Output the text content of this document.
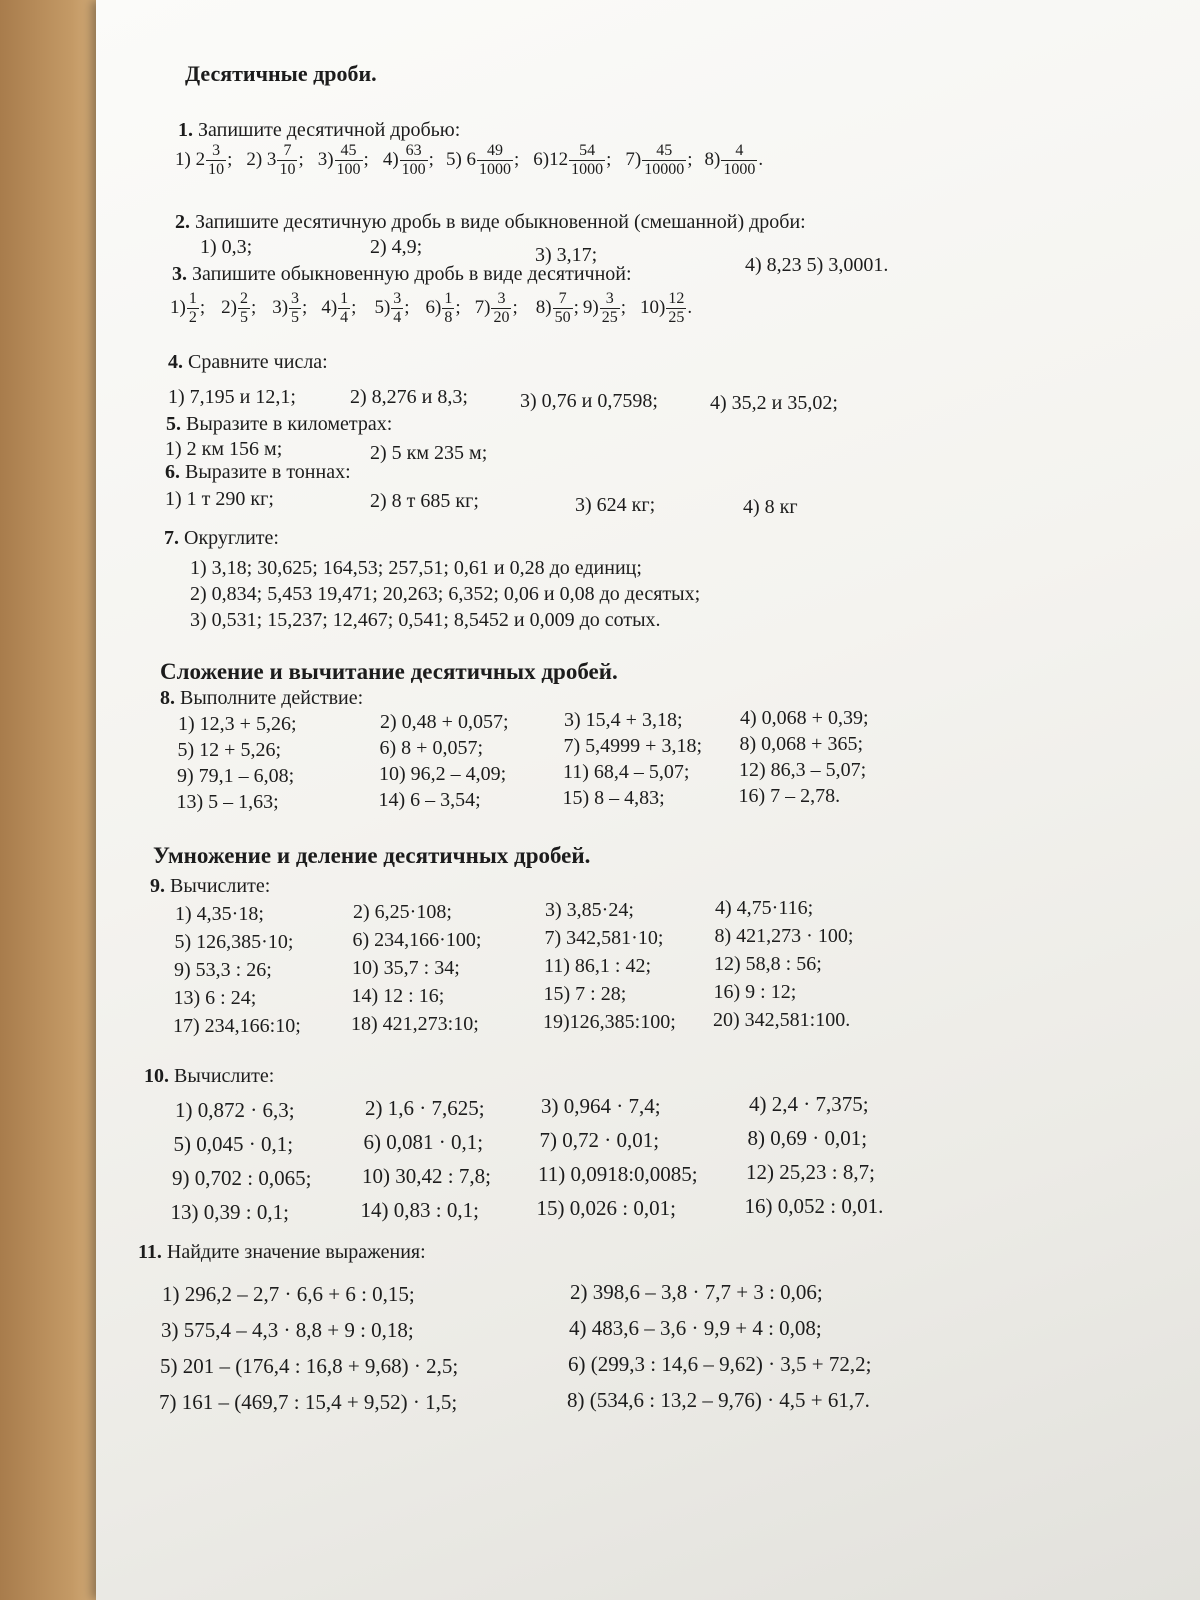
Десятичные дроби.
1. Запишите десятичной дробью:
1) $2 \frac{3}{10}$ ; 2) $3 \frac{7}{10}$ ; $3) \frac{45}{100}$ ; $4) \frac{63}{100}$ ; 5) $6 \frac{49}{1000}$ ; $6)12 \frac{54}{1000}$ ; $7) \frac{45}{10000}$ ; $8) \frac{4}{1000}$ .
2. Запишите десятичную дробь в виде обыкновенной (смешанной) дроби:
1) 0,3;	2) 4,9;	3) 3,17;	4) 8,23 5) 3,0001.
3. Запишите обыкновенную дробь в виде десятичной:
$1) \frac{1}{2}$ ; $2) \frac{2}{5}$ ; $3) \frac{3}{5}$ ; $4) \frac{1}{4}$ ; $5) \frac{3}{4}$ ; $6) \frac{1}{8}$ ; $7) \frac{3}{20}$ ; $8) \frac{7}{50}$ ; $9) \frac{3}{25}$ ; $10) \frac{12}{25}$ .
4. Сравните числа:
1) 7,195 и 12,1;	2) 8,276 и 8,3;	3) 0,76 и 0,7598;	4) 35,2 и 35,02;
5. Выразите в километрах:
1) 2 км 156 м;	2) 5 км 235 м;
6. Выразите в тоннах:
1) 1 т 290 кг;	2) 8 т 685 кг;	3) 624 кг;	4) 8 кг
7. Округлите:
1) 3,18; 30,625; 164,53; 257,51; 0,61 и 0,28 до единиц;
2) 0,834; 5,453 19,471; 20,263; 6,352; 0,06 и 0,08 до десятых;
3) 0,531; 15,237; 12,467; 0,541; 8,5452 и 0,009 до сотых.
Сложение и вычитание десятичных дробей.
8. Выполните действие:
1) 12,3 + 5,26;	2) 0,48 + 0,057;	3) 15,4 + 3,18;	4) 0,068 + 0,39;
5) 12 + 5,26;	6) 8 + 0,057;	7) 5,4999 + 3,18; 8) 0,068 + 365;
9) 79,1 – 6,08;	10) 96,2 – 4,09;	11) 68,4 – 5,07; 12) 86,3 – 5,07;
13) 5 – 1,63;	14) 6 – 3,54;	15) 8 – 4,83;	16) 7 – 2,78.
Умножение и деление десятичных дробей.
9. Вычислите:
1) 4,35·18;	2) 6,25·108;	3) 3,85·24;	4) 4,75·116;
5) 126,385·10;	6) 234,166·100;	7) 342,581·10;	8) 421,273 · 100;
9) 53,3 : 26;	10) 35,7 : 34;	11) 86,1 : 42;	12) 58,8 : 56;
13) 6 : 24;	14) 12 : 16;	15) 7 : 28;	16) 9 : 12;
17) 234,166:10;	18) 421,273:10;	19)126,385:100; 20) 342,581:100.
10. Вычислите:
1) 0,872 · 6,3;	2) 1,6 · 7,625;	3) 0,964 · 7,4;	4) 2,4 · 7,375;
5) 0,045 · 0,1;	6) 0,081 · 0,1;	7) 0,72 · 0,01;	8) 0,69 · 0,01;
9) 0,702 : 0,065; 10) 30,42 : 7,8; 11) 0,0918:0,0085; 12) 25,23 : 8,7;
13) 0,39 : 0,1;	14) 0,83 : 0,1;	15) 0,026 : 0,01;	16) 0,052 : 0,01.
11. Найдите значение выражения:
1) 296,2 – 2,7 · 6,6 + 6 : 0,15;	2) 398,6 – 3,8 · 7,7 + 3 : 0,06;
3) 575,4 – 4,3 · 8,8 + 9 : 0,18;	4) 483,6 – 3,6 · 9,9 + 4 : 0,08;
5) 201 – (176,4 : 16,8 + 9,68) · 2,5;	6) (299,3 : 14,6 – 9,62) · 3,5 + 72,2;
7) 161 – (469,7 : 15,4 + 9,52) · 1,5;	8) (534,6 : 13,2 – 9,76) · 4,5 + 61,7.
